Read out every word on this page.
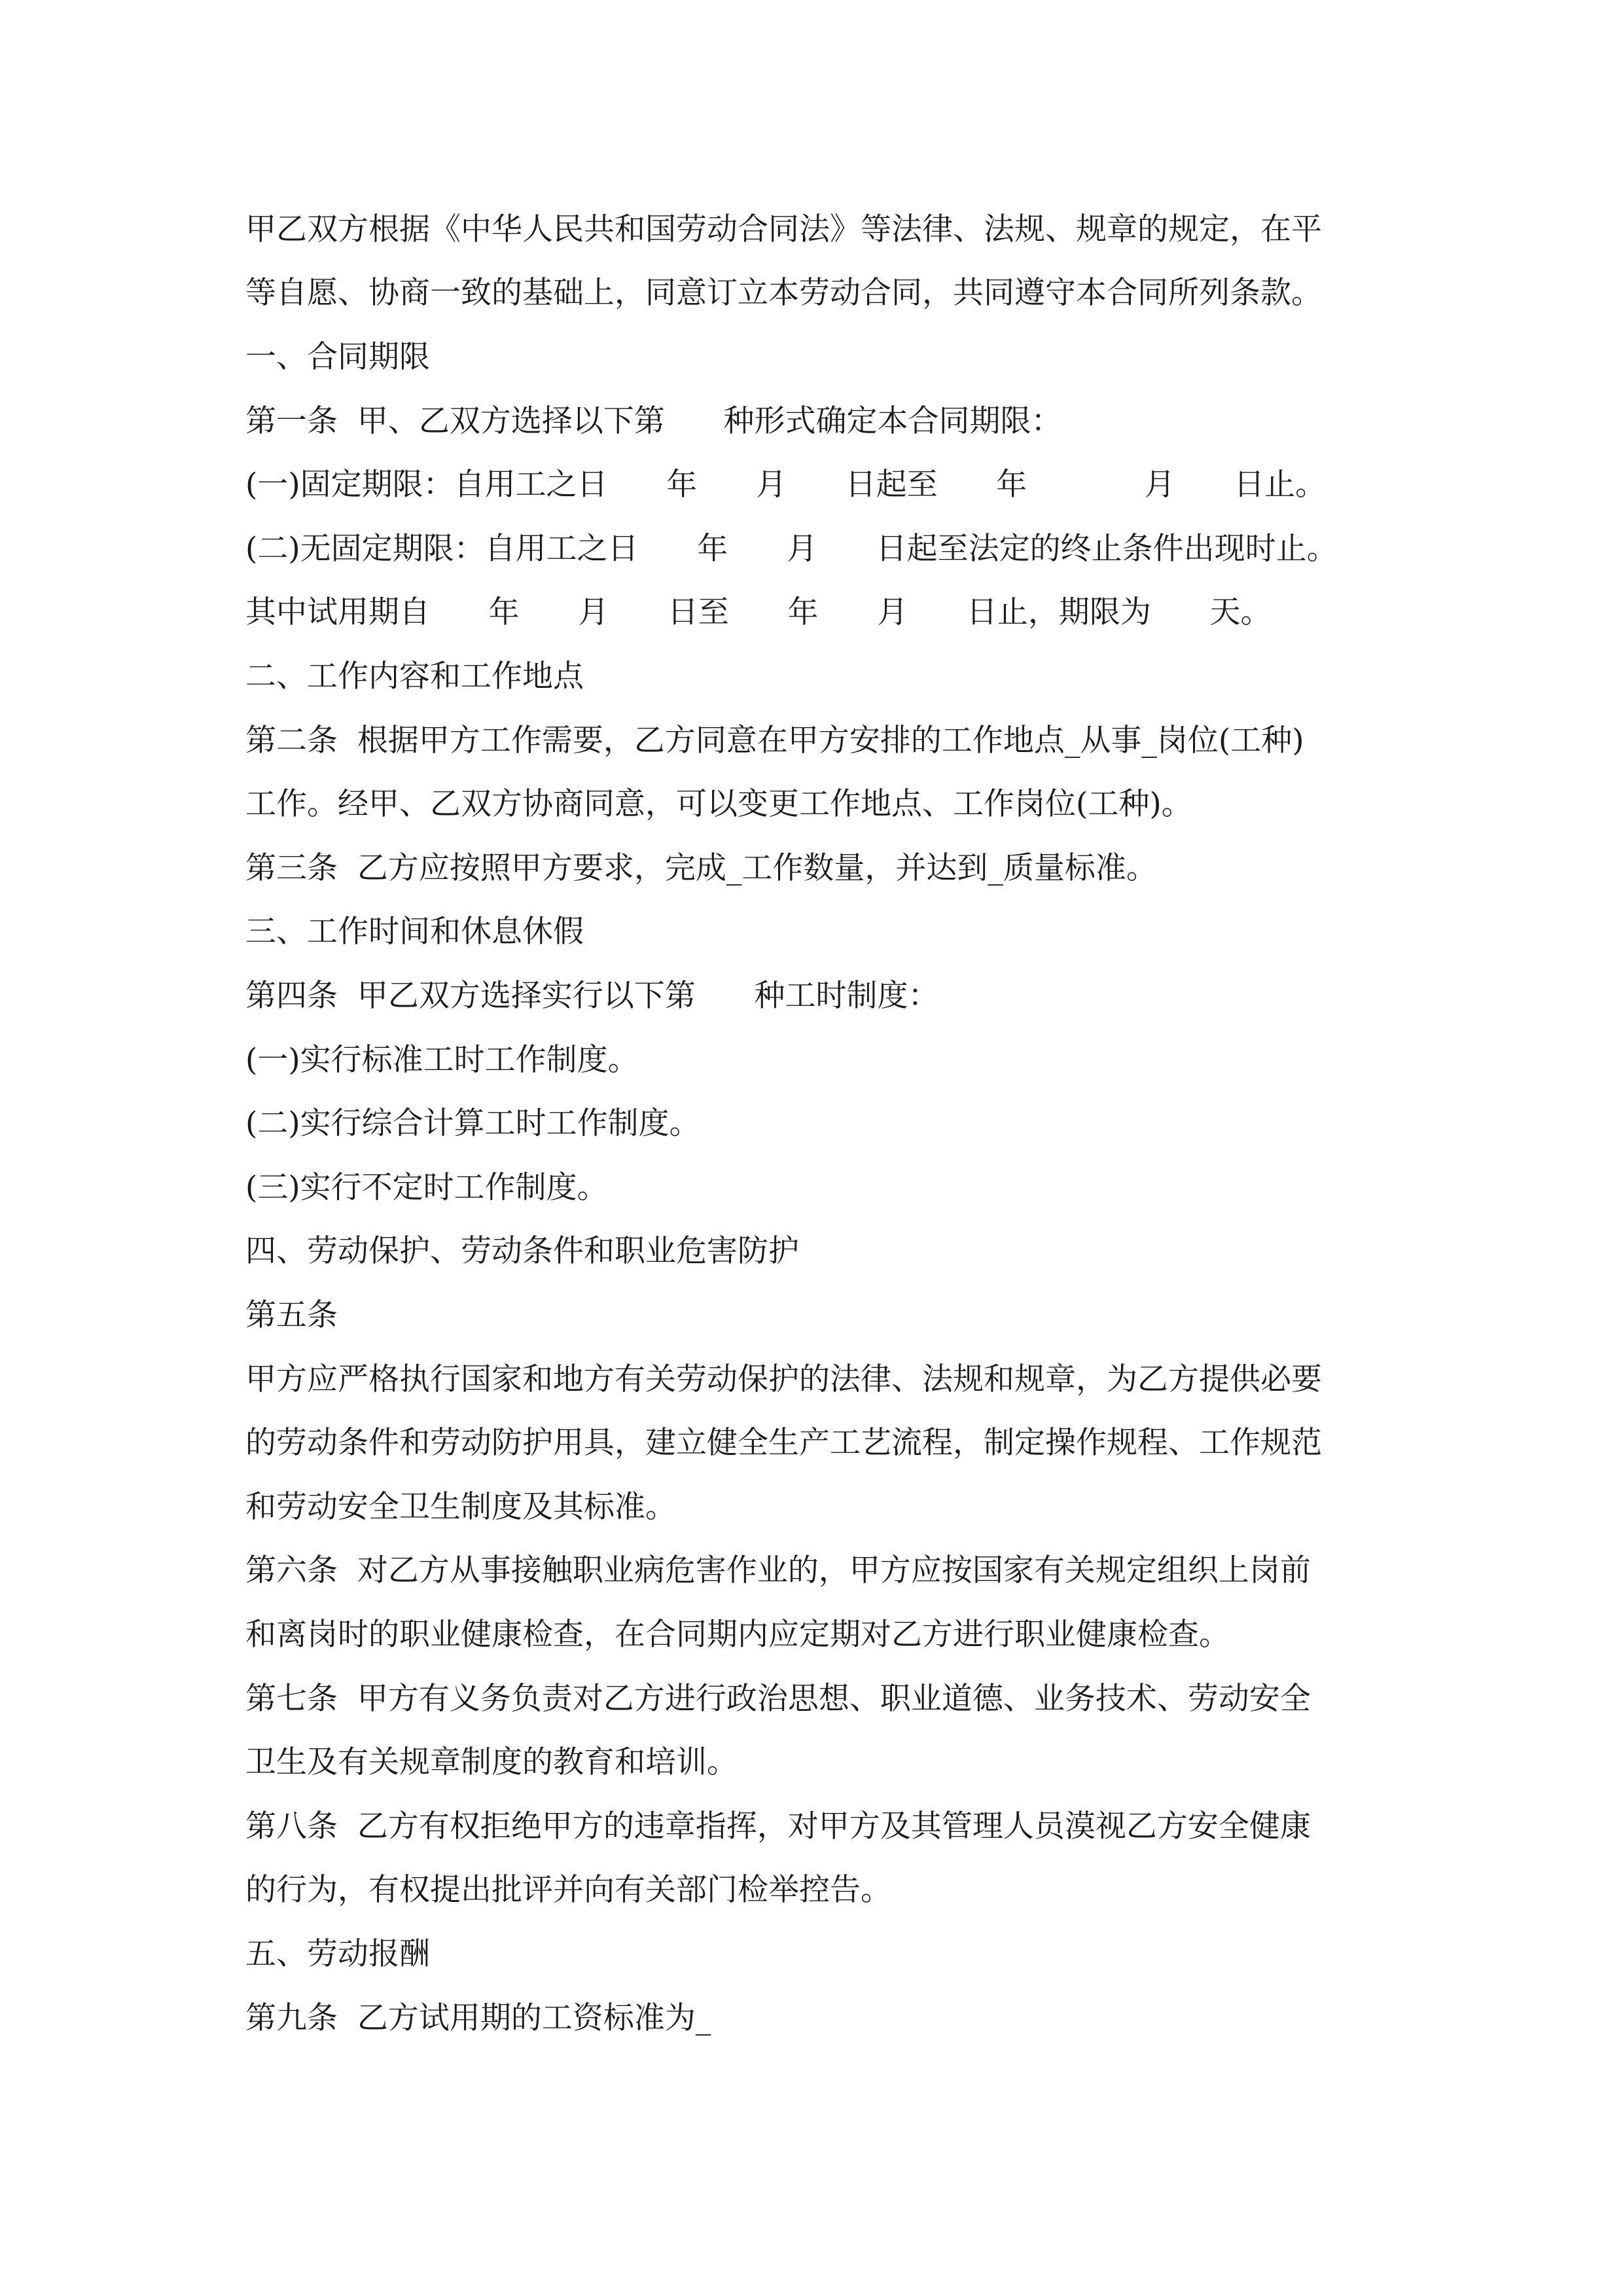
甲乙双方根据《中华人民共和国劳动合同法》等法律、法规、规章的规定，在平

等自愿、协商一致的基础上，同意订立本劳动合同，共同遵守本合同所列条款。

一、合同期限

第一条  甲、乙双方选择以下第      种形式确定本合同期限：

(一)固定期限：自用工之日      年      月      日起至      年            月      日止。

(二)无固定期限：自用工之日      年      月      日起至法定的终止条件出现时止。

其中试用期自      年      月      日至      年      月      日止，期限为      天。

二、工作内容和工作地点

第二条  根据甲方工作需要，乙方同意在甲方安排的工作地点_从事_岗位(工种)

工作。经甲、乙双方协商同意，可以变更工作地点、工作岗位(工种)。

第三条  乙方应按照甲方要求，完成_工作数量，并达到_质量标准。

三、工作时间和休息休假

第四条  甲乙双方选择实行以下第      种工时制度：

(一)实行标准工时工作制度。

(二)实行综合计算工时工作制度。

(三)实行不定时工作制度。

四、劳动保护、劳动条件和职业危害防护

第五条

甲方应严格执行国家和地方有关劳动保护的法律、法规和规章，为乙方提供必要

的劳动条件和劳动防护用具，建立健全生产工艺流程，制定操作规程、工作规范

和劳动安全卫生制度及其标准。

第六条  对乙方从事接触职业病危害作业的，甲方应按国家有关规定组织上岗前

和离岗时的职业健康检查，在合同期内应定期对乙方进行职业健康检查。

第七条  甲方有义务负责对乙方进行政治思想、职业道德、业务技术、劳动安全

卫生及有关规章制度的教育和培训。

第八条  乙方有权拒绝甲方的违章指挥，对甲方及其管理人员漠视乙方安全健康

的行为，有权提出批评并向有关部门检举控告。

五、劳动报酬

第九条  乙方试用期的工资标准为_
